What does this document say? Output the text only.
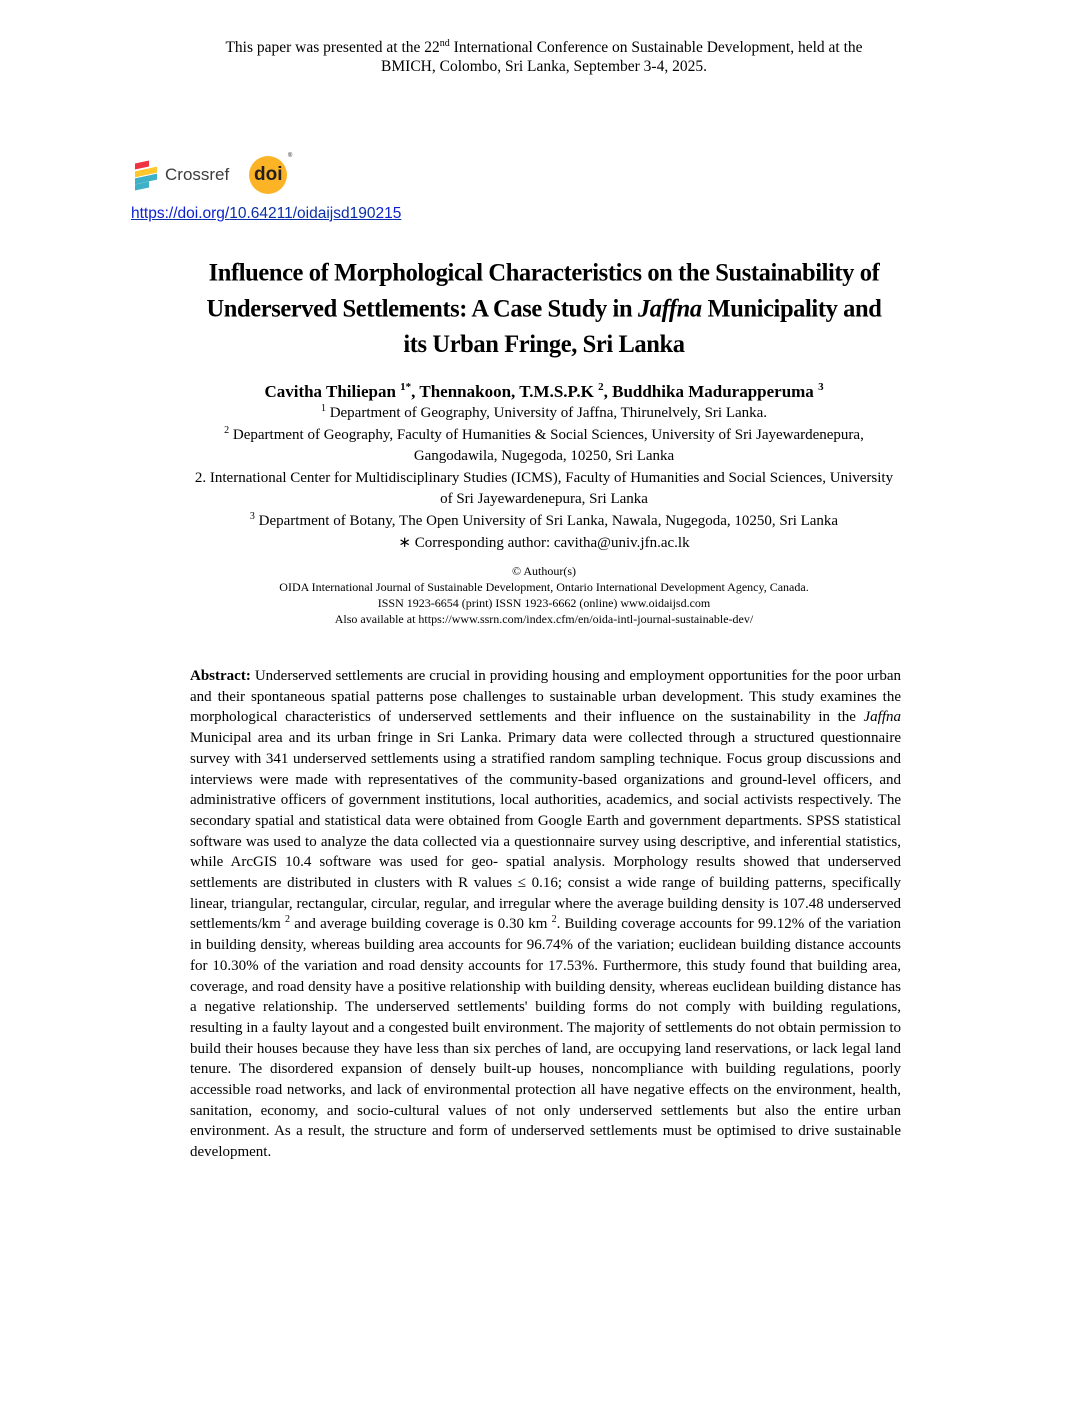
This paper was presented at the 22nd International Conference on Sustainable Development, held at the
BMICH, Colombo, Sri Lanka, September 3-4, 2025.
Crossref doi
®
https://doi.org/10.64211/oidaijsd190215
Influence of Morphological Characteristics on the Sustainability of
Underserved Settlements: A Case Study in Jaffna Municipality and
its Urban Fringe, Sri Lanka
Cavitha Thiliepan $^{1*}$, Thennakoon, T.M.S.P.K $^2$, Buddhika Madurapperuma $^3$
$^1$ Department of Geography, University of Jaffna, Thirunelvely, Sri Lanka.
$^2$ Department of Geography, Faculty of Humanities & Social Sciences, University of Sri Jayewardenepura,
Gangodawila, Nugegoda, 10250, Sri Lanka
2. International Center for Multidisciplinary Studies (ICMS), Faculty of Humanities and Social Sciences, University
of Sri Jayewardenepura, Sri Lanka
$^3$ Department of Botany, The Open University of Sri Lanka, Nawala, Nugegoda, 10250, Sri Lanka
∗ Corresponding author: cavitha@univ.jfn.ac.lk
© Authour(s)
OIDA International Journal of Sustainable Development, Ontario International Development Agency, Canada.
ISSN 1923-6654 (print) ISSN 1923-6662 (online) www.oidaijsd.com
Also available at https://www.ssrn.com/index.cfm/en/oida-intl-journal-sustainable-dev/
Abstract: Underserved settlements are crucial in providing housing and employment opportunities for the poor urban and their spontaneous spatial patterns pose challenges to sustainable urban development. This study examines the morphological characteristics of underserved settlements and their influence on the sustainability in the Jaffna Municipal area and its urban fringe in Sri Lanka. Primary data were collected through a structured questionnaire survey with 341 underserved settlements using a stratified random sampling technique. Focus group discussions and interviews were made with representatives of the community-based organizations and ground-level officers, and administrative officers of government institutions, local authorities, academics, and social activists respectively. The secondary spatial and statistical data were obtained from Google Earth and government departments. SPSS statistical software was used to analyze the data collected via a questionnaire survey using descriptive, and inferential statistics, while ArcGIS 10.4 software was used for geo- spatial analysis. Morphology results showed that underserved settlements are distributed in clusters with R values ≤ 0.16; consist a wide range of building patterns, specifically linear, triangular, rectangular, circular, regular, and irregular where the average building density is 107.48 underserved settlements/km $^2$ and average building coverage is 0.30 km $^2$. Building coverage accounts for 99.12% of the variation in building density, whereas building area accounts for 96.74% of the variation; euclidean building distance accounts for 10.30% of the variation and road density accounts for 17.53%. Furthermore, this study found that building area, coverage, and road density have a positive relationship with building density, whereas euclidean building distance has a negative relationship. The underserved settlements' building forms do not comply with building regulations, resulting in a faulty layout and a congested built environment. The majority of settlements do not obtain permission to build their houses because they have less than six perches of land, are occupying land reservations, or lack legal land tenure. The disordered expansion of densely built-up houses, noncompliance with building regulations, poorly accessible road networks, and lack of environmental protection all have negative effects on the environment, health, sanitation, economy, and socio-cultural values of not only underserved settlements but also the entire urban environment. As a result, the structure and form of underserved settlements must be optimised to drive sustainable development.
